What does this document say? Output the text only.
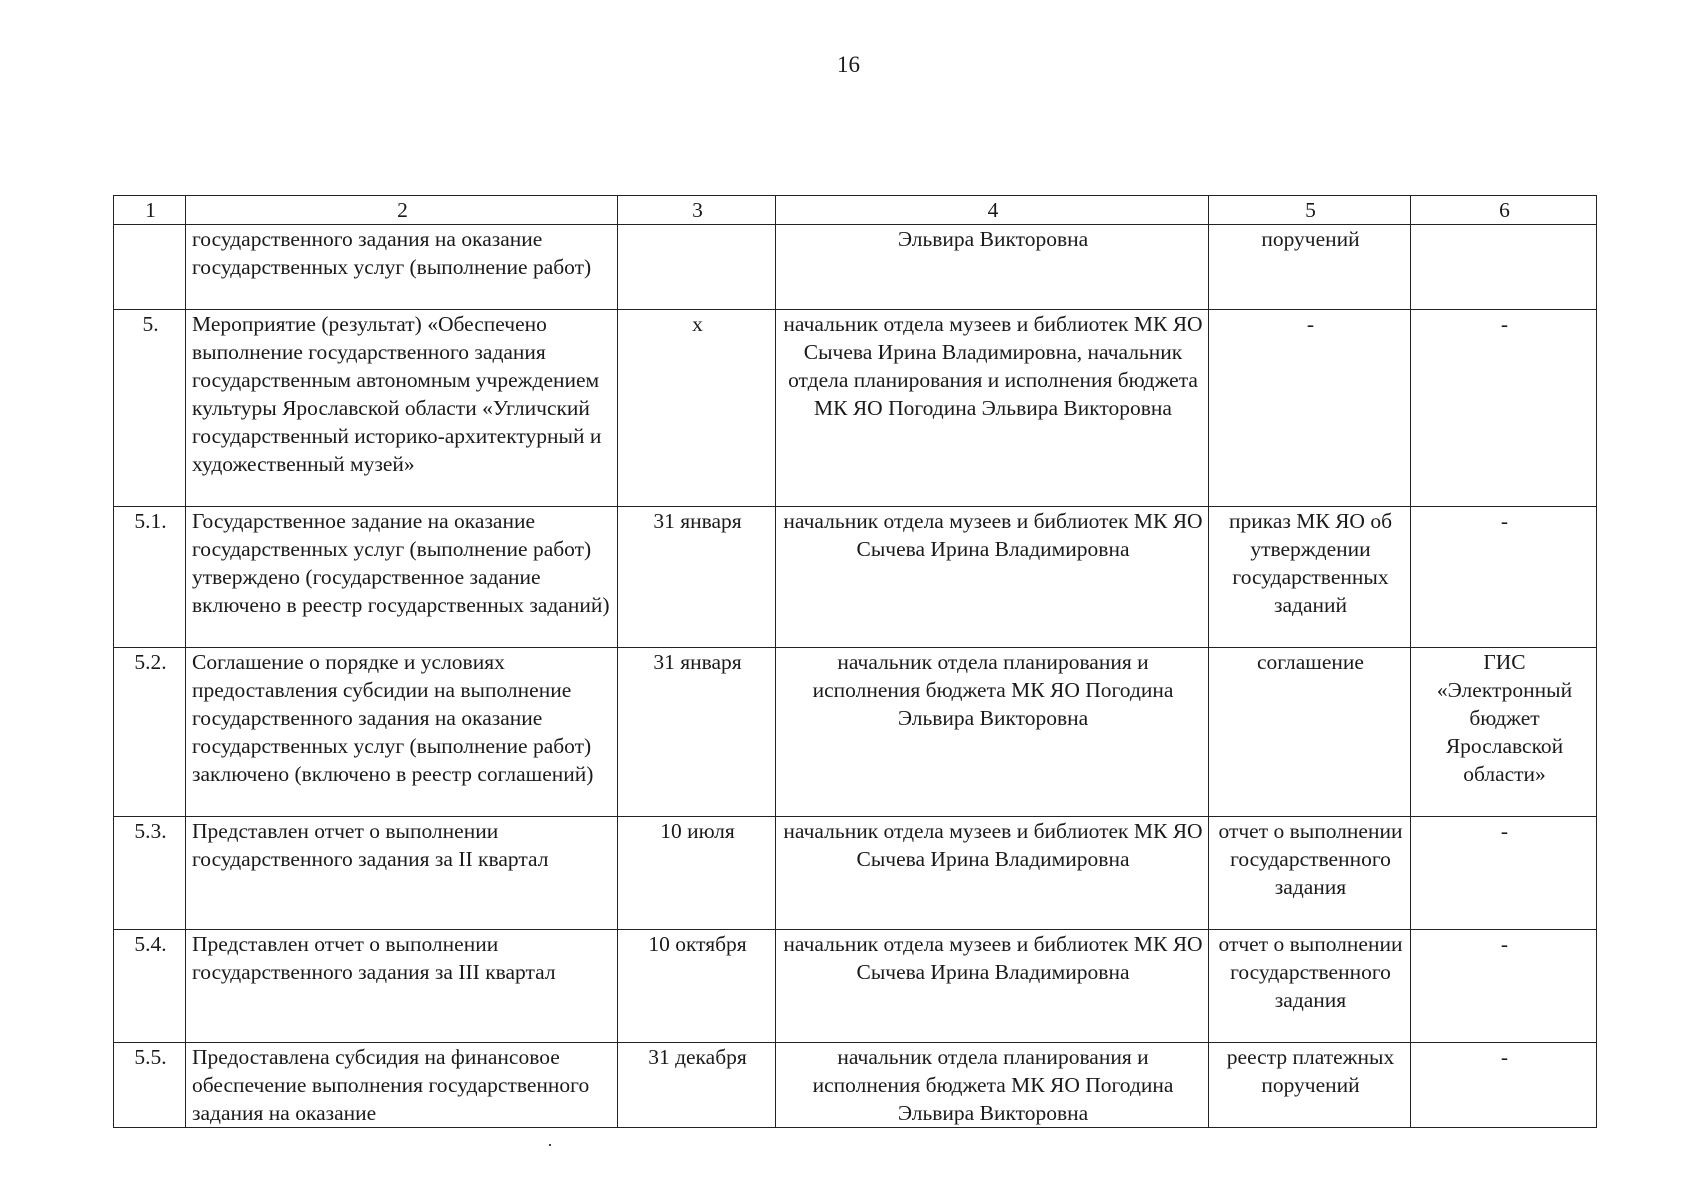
16
1	2	3	4	5	6
	государственного задания на оказание государственных услуг (выполнение работ)		Эльвира Викторовна	поручений	
5.	Мероприятие (результат) «Обеспечено выполнение государственного задания государственным автономным учреждением культуры Ярославской области «Угличский государственный историко-архитектурный и художественный музей»	х	начальник отдела музеев и библиотек МК ЯО Сычева Ирина Владимировна, начальник отдела планирования и исполнения бюджета МК ЯО Погодина Эльвира Викторовна	-	-
5.1.	Государственное задание на оказание государственных услуг (выполнение работ) утверждено (государственное задание включено в реестр государственных заданий)	31 января	начальник отдела музеев и библиотек МК ЯО Сычева Ирина Владимировна	приказ МК ЯО об утверждении государственных заданий	-
5.2.	Соглашение о порядке и условиях предоставления субсидии на выполнение государственного задания на оказание государственных услуг (выполнение работ) заключено (включено в реестр соглашений)	31 января	начальник отдела планирования и исполнения бюджета МК ЯО Погодина Эльвира Викторовна	соглашение	ГИС «Электронный бюджет Ярославской области»
5.3.	Представлен отчет о выполнении государственного задания за II квартал	10 июля	начальник отдела музеев и библиотек МК ЯО Сычева Ирина Владимировна	отчет о выполнении государственного задания	-
5.4.	Представлен отчет о выполнении государственного задания за III квартал	10 октября	начальник отдела музеев и библиотек МК ЯО Сычева Ирина Владимировна	отчет о выполнении государственного задания	-
5.5.	Предоставлена субсидия на финансовое обеспечение выполнения государственного задания на оказание	31 декабря	начальник отдела планирования и исполнения бюджета МК ЯО Погодина Эльвира Викторовна	реестр платежных поручений	-
